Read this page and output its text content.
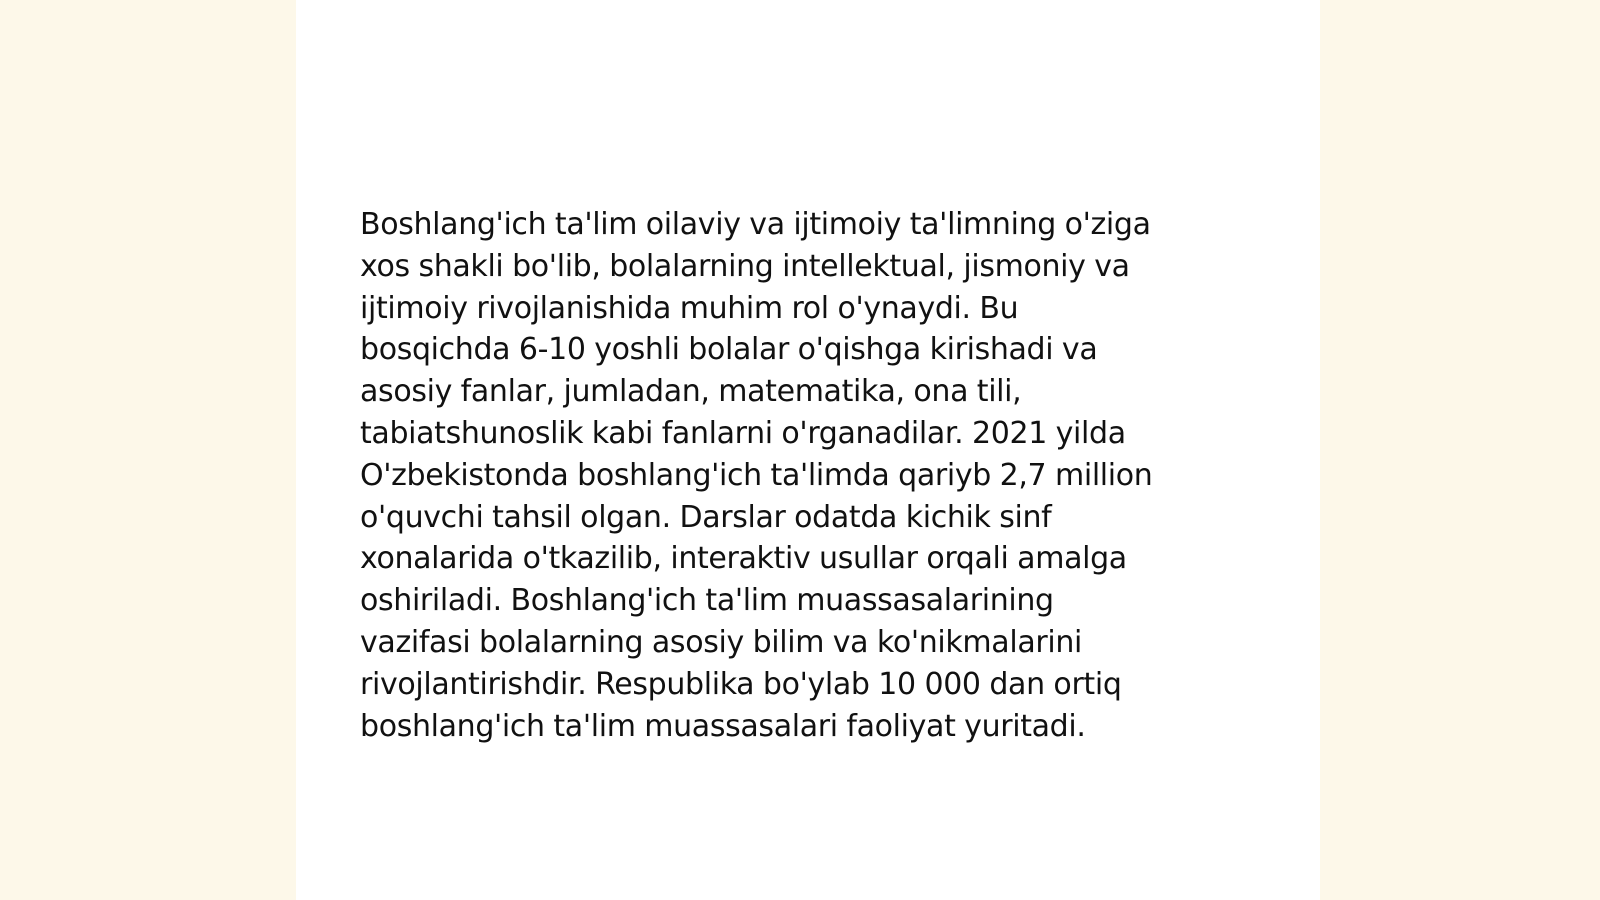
Boshlang'ich ta'lim oilaviy va ijtimoiy ta'limning o'ziga
xos shakli bo'lib, bolalarning intellektual, jismoniy va
ijtimoiy rivojlanishida muhim rol o'ynaydi. Bu
bosqichda 6-10 yoshli bolalar o'qishga kirishadi va
asosiy fanlar, jumladan, matematika, ona tili,
tabiatshunoslik kabi fanlarni o'rganadilar. 2021 yilda
O'zbekistonda boshlang'ich ta'limda qariyb 2,7 million
o'quvchi tahsil olgan. Darslar odatda kichik sinf
xonalarida o'tkazilib, interaktiv usullar orqali amalga
oshiriladi. Boshlang'ich ta'lim muassasalarining
vazifasi bolalarning asosiy bilim va ko'nikmalarini
rivojlantirishdir. Respublika bo'ylab 10 000 dan ortiq
boshlang'ich ta'lim muassasalari faoliyat yuritadi.
